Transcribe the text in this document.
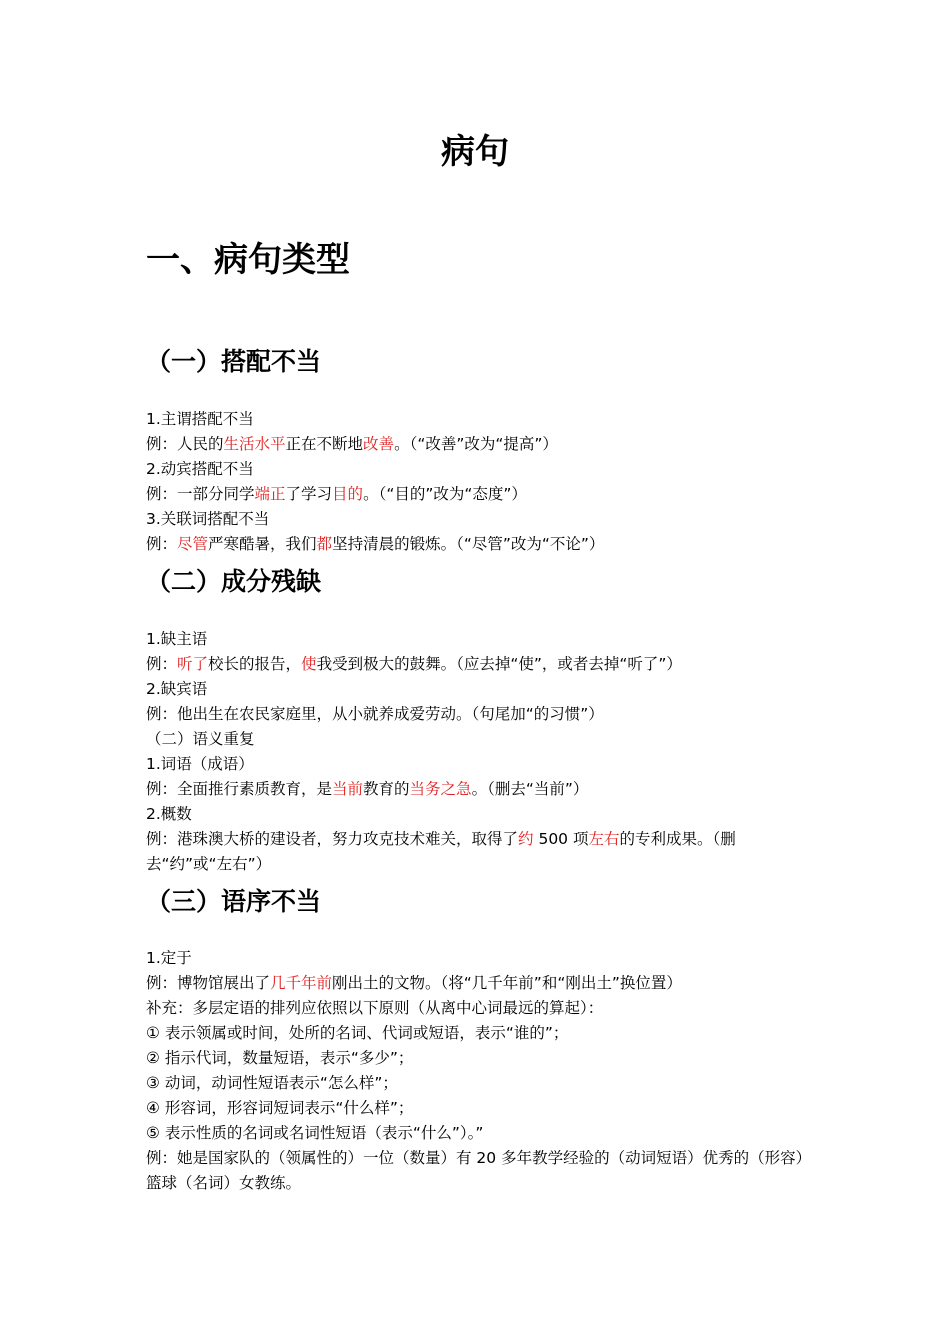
病句
一、病句类型
（一）搭配不当
1.主谓搭配不当
例：人民的生活水平正在不断地改善。（“改善”改为“提高”）
2.动宾搭配不当
例：一部分同学端正了学习目的。（“目的”改为“态度”）
3.关联词搭配不当
例：尽管严寒酷暑，我们都坚持清晨的锻炼。（“尽管”改为“不论”）
（二）成分残缺
1.缺主语
例：听了校长的报告，使我受到极大的鼓舞。（应去掉“使”，或者去掉“听了”）
2.缺宾语
例：他出生在农民家庭里，从小就养成爱劳动。（句尾加“的习惯”）
（二）语义重复
1.词语（成语）
例：全面推行素质教育，是当前教育的当务之急。（删去“当前”）
2.概数
例：港珠澳大桥的建设者，努力攻克技术难关，取得了约 500 项左右的专利成果。（删去“约”或“左右”）
（三）语序不当
1.定于
例：博物馆展出了几千年前刚出土的文物。（将“几千年前”和“刚出土”换位置）
补充：多层定语的排列应依照以下原则（从离中心词最远的算起）：
① 表示领属或时间，处所的名词、代词或短语，表示“谁的”；
② 指示代词，数量短语，表示“多少”；
③ 动词，动词性短语表示“怎么样”；
④ 形容词，形容词短词表示“什么样”；
⑤ 表示性质的名词或名词性短语（表示“什么”）。”
例：她是国家队的（领属性的）一位（数量）有 20 多年教学经验的（动词短语）优秀的（形容）篮球（名词）女教练。
